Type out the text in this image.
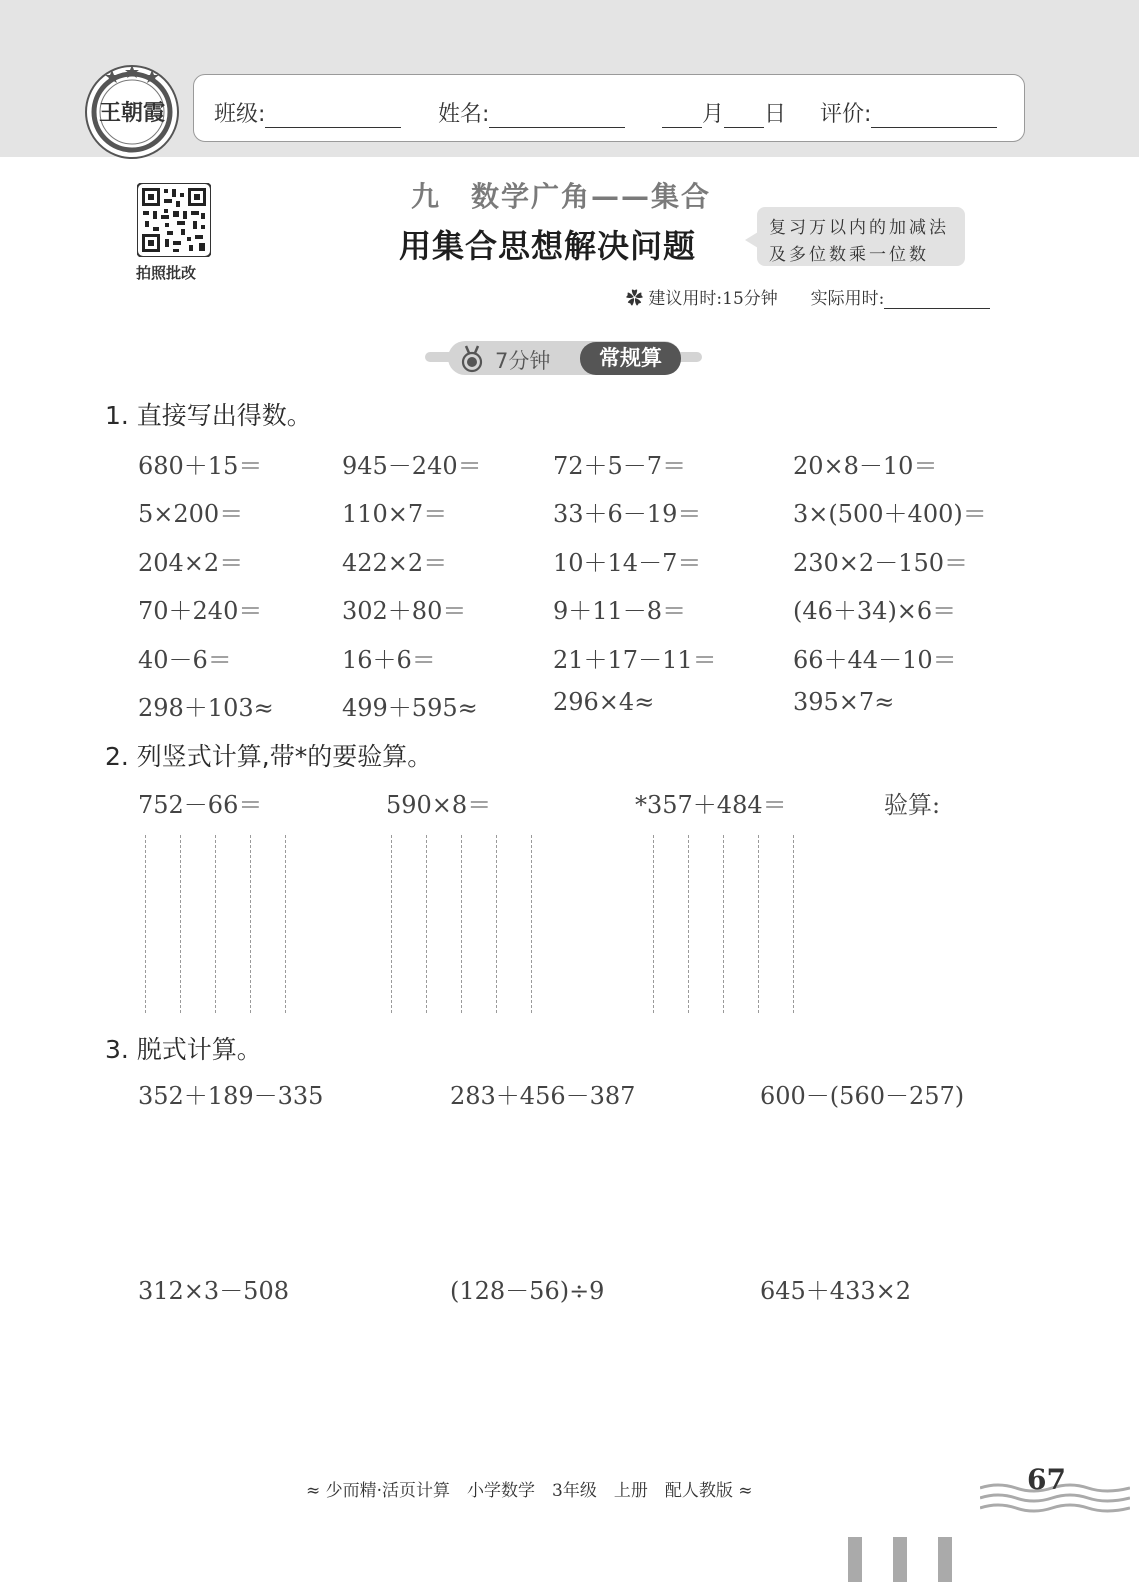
王朝霞 班级:	姓名:	月 日 评价:
拍照批改
九　数学广角——集合
用集合思想解决问题	复习万以内的加减法
及多位数乘一位数
✿ 建议用时:15分钟 实际用时:
7分钟	常规算
1. 直接写出得数。
680＋15＝	945－240＝	72＋5－7＝	20×8－10＝
5×200＝	110×7＝	33＋6－19＝	3×(500＋400)＝
204×2＝	422×2＝	10＋14－7＝	230×2－150＝
70＋240＝	302＋80＝	9＋11－8＝	(46＋34)×6＝
40－6＝	16＋6＝	21＋17－11＝	66＋44－10＝
298＋103≈	499＋595≈	296×4≈	395×7≈
2. 列竖式计算,带*的要验算。
752－66＝	590×8＝	*357＋484＝	验算:
3. 脱式计算。
352＋189－335	283＋456－387	600－(560－257)
312×3－508	(128－56)÷9	645＋433×2
≈ 少而精·活页计算　小学数学　3年级　上册　配人教版 ≈	67
